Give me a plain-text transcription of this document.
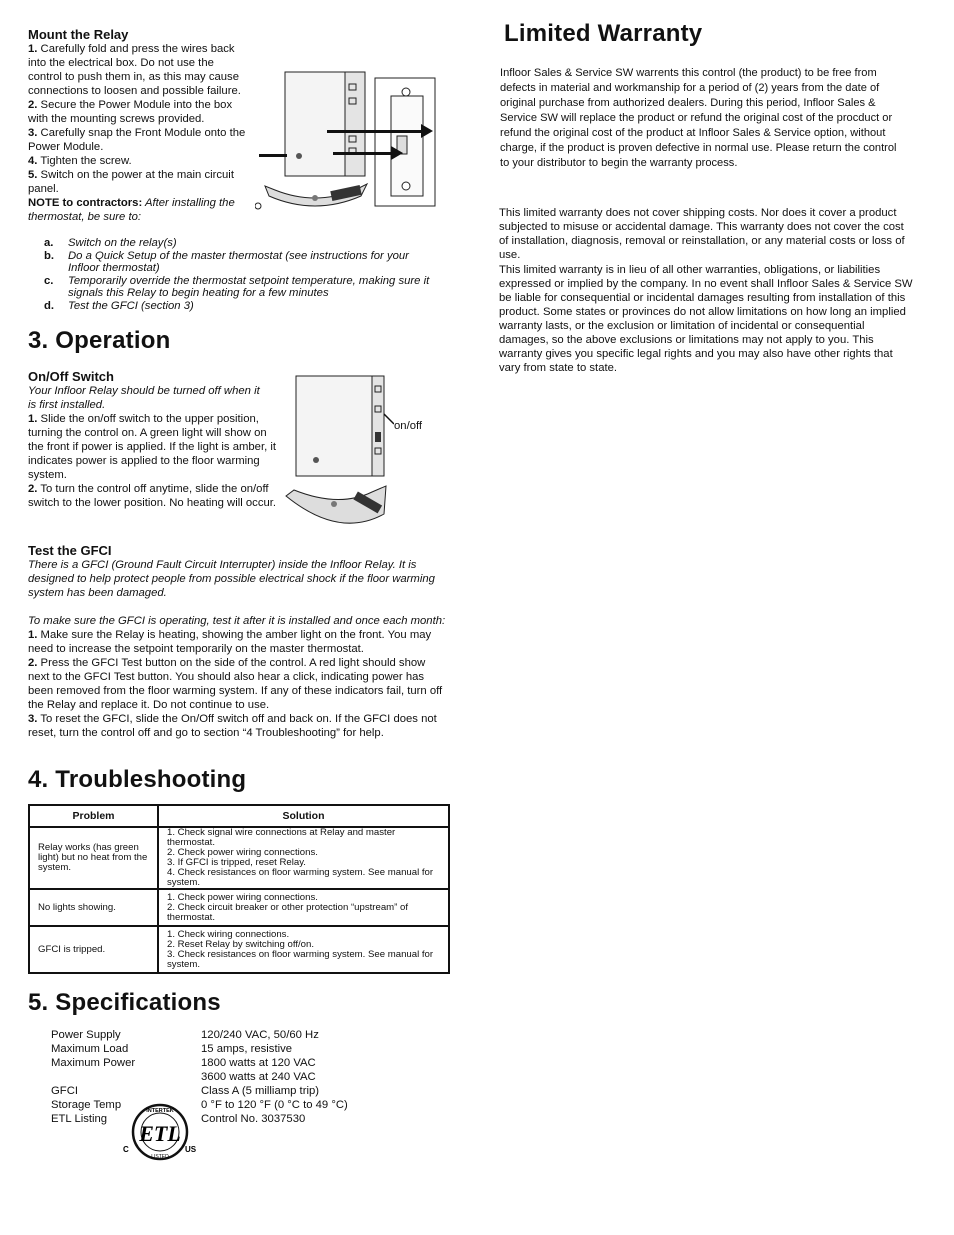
Mount the Relay
1. Carefully fold and press the wires back into the electrical box. Do not use the control to push them in, as this may cause connections to loosen and possible failure.
2. Secure the Power Module into the box with the mounting screws provided.
3. Carefully snap the Front Module onto the Power Module.
4. Tighten the screw.
5. Switch on the power at the main circuit panel.
NOTE to contractors: After installing the thermostat, be sure to:
a.	Switch on the relay(s)
b.	Do a Quick Setup of the master thermostat (see instructions for your Infloor thermostat)
c.	Temporarily override the thermostat setpoint temperature, making sure it signals this Relay to begin heating for a few minutes
d.	Test the GFCI (section 3)
3. Operation
On/Off Switch
Your Infloor Relay should be turned off when it is first installed.
1. Slide the on/off switch to the upper position, turning the control on. A green light will show on the front if power is applied. If the light is amber, it indicates power is applied to the floor warming system.
2. To turn the control off anytime, slide the on/off switch to the lower position. No heating will occur.
on/off
Test the GFCI
There is a GFCI (Ground Fault Circuit Interrupter) inside the Infloor Relay. It is designed to help protect people from possible electrical shock if the floor warming system has been damaged.
To make sure the GFCI is operating, test it after it is installed and once each month:
1. Make sure the Relay is heating, showing the amber light on the front. You may need to increase the setpoint temporarily on the master thermostat.
2. Press the GFCI Test button on the side of the control. A red light should show next to the GFCI Test button. You should also hear a click, indicating power has been removed from the floor warming system. If any of these indicators fail, turn off the Relay and replace it. Do not continue to use.
3. To reset the GFCI, slide the On/Off switch off and back on. If the GFCI does not reset, turn the control off and go to section “4 Troubleshooting” for help.
4. Troubleshooting
Problem	Solution
Relay works (has green light) but no heat from the system.	1. Check signal wire connections at Relay and master thermostat.
2. Check power wiring connections.
3. If GFCI is tripped, reset Relay.
4. Check resistances on floor warming system. See manual for system.

No lights showing.	1. Check power wiring connections.
2. Check circuit breaker or other protection “upstream” of thermostat.

GFCI is tripped.	1. Check wiring connections.
2. Reset Relay by switching off/on.
3. Check resistances on floor warming system. See manual for system.
5. Specifications
Power Supply	120/240 VAC, 50/60 Hz
Maximum Load	15 amps, resistive
Maximum Power	1800 watts at 120 VAC
3600 watts at 240 VAC
GFCI	Class A (5 milliamp trip)
Storage Temp	0 °F to 120 °F (0 °C to 49 °C)
ETL Listing	Control No. 3037530
ETL
INTERTEK
LISTED
C	US
Limited Warranty
Infloor Sales & Service SW warrents this control (the product) to be free from defects in material and workmanship for a period of (2) years from the date of original purchase from authorized dealers. During this period, Infloor Sales & Service SW will replace the product or refund the original cost of the procduct or refund the original cost of the product at Infloor Sales & Service option, without charge, if the product is proven defective in normal use. Please return the control to your distributor to begin the warranty process.
This limited warranty does not cover shipping costs. Nor does it cover a product subjected to misuse or accidental damage. This warranty does not cover the cost of installation, diagnosis, removal or reinstallation, or any material costs or loss of use.
This limited warranty is in lieu of all other warranties, obligations, or liabilities expressed or implied by the company. In no event shall Infloor Sales & Service SW be liable for consequential or incidental damages resulting from installation of this product. Some states or provinces do not allow limitations on how long an implied warranty lasts, or the exclusion or limitation of incidental or consequential damages, so the above exclusions or limitations may not apply to you. This warranty gives you specific legal rights and you may also have other rights that vary from state to state.
